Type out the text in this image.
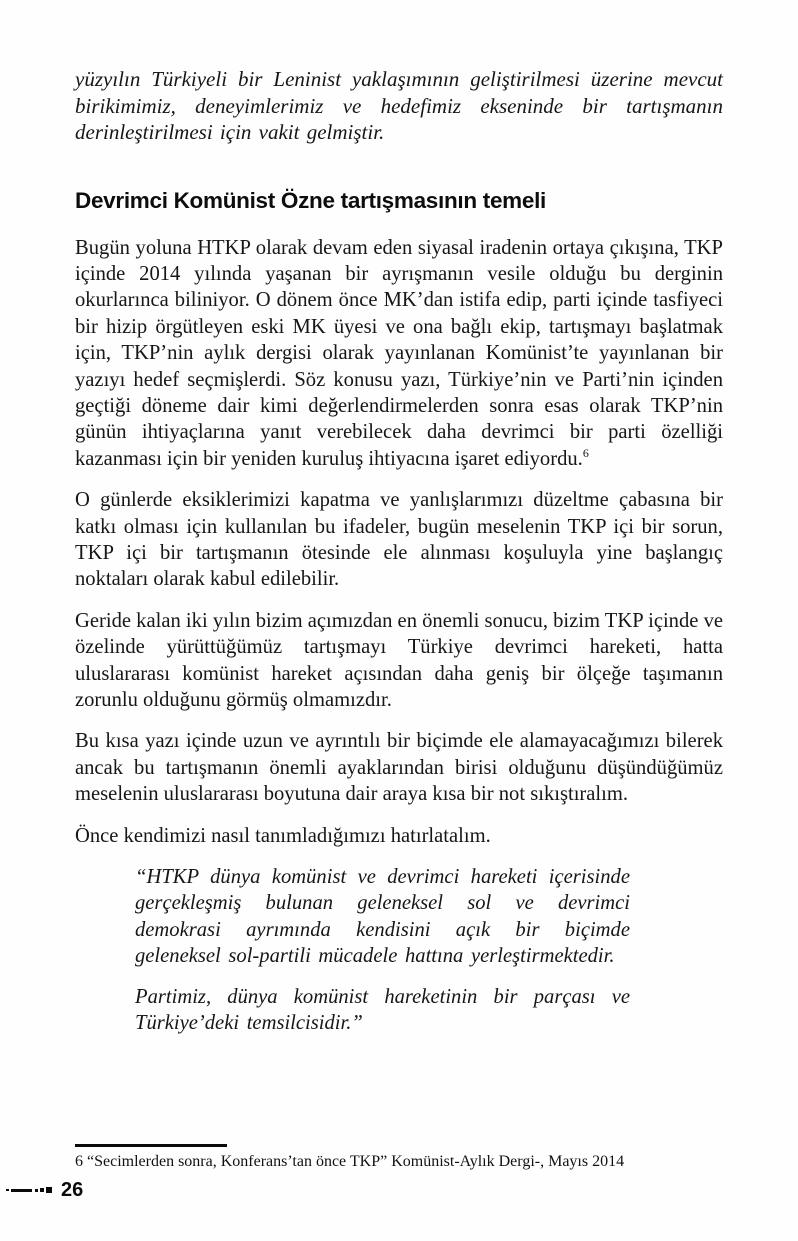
yüzyılın Türkiyeli bir Leninist yaklaşımının geliştirilmesi üzerine mevcut birikimimiz, deneyimlerimiz ve hedefimiz ekseninde bir tartışmanın derinleştirilmesi için vakit gelmiştir.

Devrimci Komünist Özne tartışmasının temeli

Bugün yoluna HTKP olarak devam eden siyasal iradenin ortaya çıkışına, TKP içinde 2014 yılında yaşanan bir ayrışmanın vesile olduğu bu derginin okurlarınca biliniyor. O dönem önce MK’dan istifa edip, parti içinde tasfiyeci bir hizip örgütleyen eski MK üyesi ve ona bağlı ekip, tartışmayı başlatmak için, TKP’nin aylık dergisi olarak yayınlanan Komünist’te yayınlanan bir yazıyı hedef seçmişlerdi. Söz konusu yazı, Türkiye’nin ve Parti’nin içinden geçtiği döneme dair kimi değerlendirmelerden sonra esas olarak TKP’nin günün ihtiyaçlarına yanıt verebilecek daha devrimci bir parti özelliği kazanması için bir yeniden kuruluş ihtiyacına işaret ediyordu.$^6$

O günlerde eksiklerimizi kapatma ve yanlışlarımızı düzeltme çabasına bir katkı olması için kullanılan bu ifadeler, bugün meselenin TKP içi bir sorun, TKP içi bir tartışmanın ötesinde ele alınması koşuluyla yine başlangıç noktaları olarak kabul edilebilir.

Geride kalan iki yılın bizim açımızdan en önemli sonucu, bizim TKP içinde ve özelinde yürüttüğümüz tartışmayı Türkiye devrimci hareketi, hatta uluslararası komünist hareket açısından daha geniş bir ölçeğe taşımanın zorunlu olduğunu görmüş olmamızdır.

Bu kısa yazı içinde uzun ve ayrıntılı bir biçimde ele alamayacağımızı bilerek ancak bu tartışmanın önemli ayaklarından birisi olduğunu düşündüğümüz meselenin uluslararası boyutuna dair araya kısa bir not sıkıştıralım.

Önce kendimizi nasıl tanımladığımızı hatırlatalım.

“HTKP dünya komünist ve devrimci hareketi içerisinde gerçekleşmiş bulunan geleneksel sol ve devrimci demokrasi ayrımında kendisini açık bir biçimde geleneksel sol-partili mücadele hattına yerleştirmektedir.

Partimiz, dünya komünist hareketinin bir parçası ve Türkiye’deki temsilcisidir.”

6 “Secimlerden sonra, Konferans’tan önce TKP” Komünist-Aylık Dergi-, Mayıs 2014

26
